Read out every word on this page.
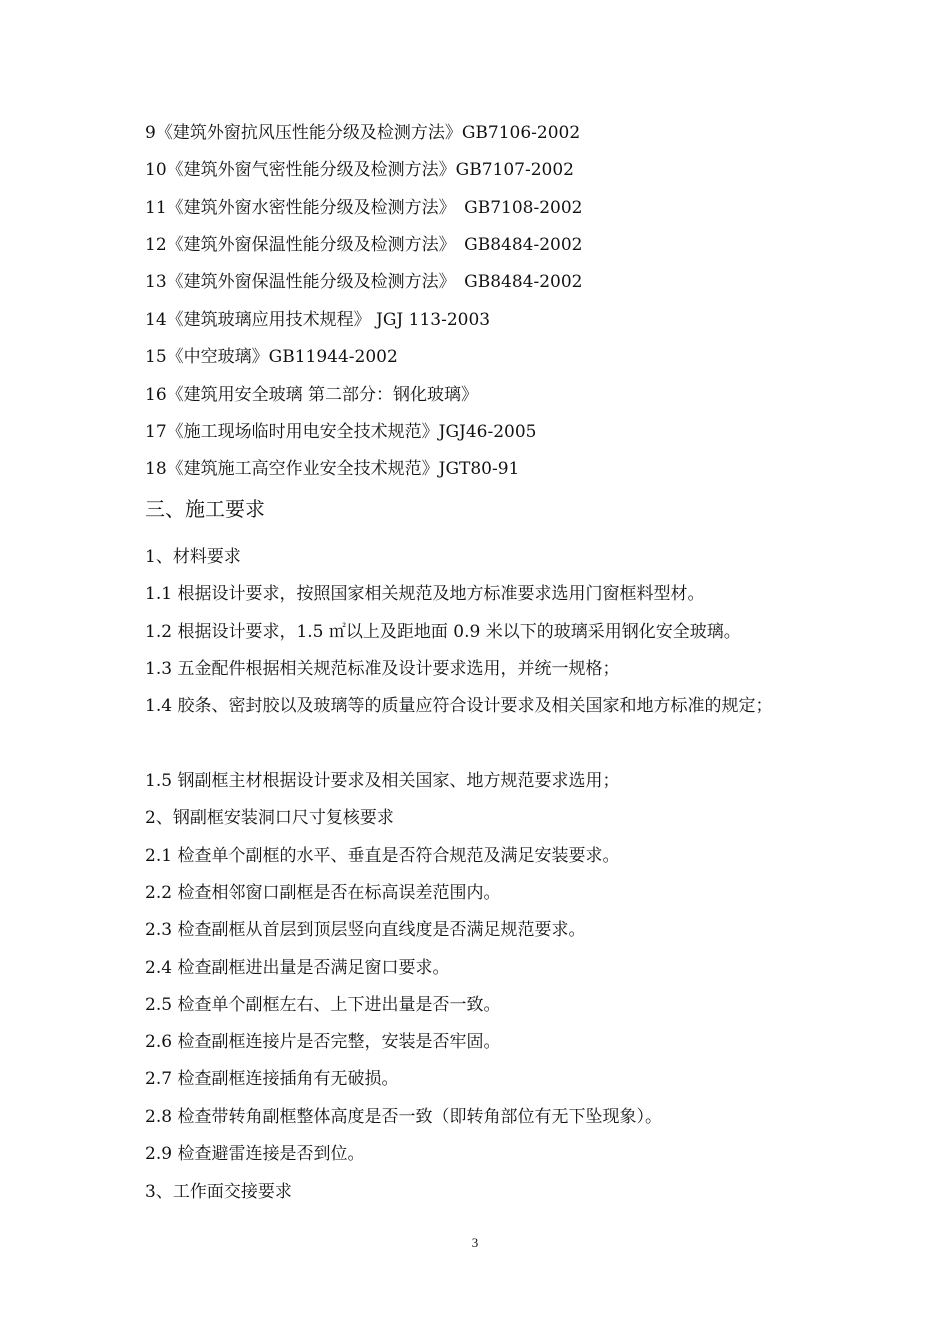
9《建筑外窗抗风压性能分级及检测方法》GB7106-2002
10《建筑外窗气密性能分级及检测方法》GB7107-2002
11《建筑外窗水密性能分级及检测方法》　GB7108-2002
12《建筑外窗保温性能分级及检测方法》　GB8484-2002
13《建筑外窗保温性能分级及检测方法》　GB8484-2002
14《建筑玻璃应用技术规程》 JGJ 113-2003
15《中空玻璃》GB11944-2002
16《建筑用安全玻璃 第二部分：钢化玻璃》
17《施工现场临时用电安全技术规范》JGJ46-2005
18《建筑施工高空作业安全技术规范》JGT80-91
三、施工要求
1、材料要求
1.1 根据设计要求，按照国家相关规范及地方标准要求选用门窗框料型材。
1.2 根据设计要求，1.5 ㎡以上及距地面 0.9 米以下的玻璃采用钢化安全玻璃。
1.3 五金配件根据相关规范标准及设计要求选用，并统一规格；
1.4 胶条、密封胶以及玻璃等的质量应符合设计要求及相关国家和地方标准的规定；
1.5 钢副框主材根据设计要求及相关国家、地方规范要求选用；
2、钢副框安装洞口尺寸复核要求
2.1 检查单个副框的水平、垂直是否符合规范及满足安装要求。
2.2 检查相邻窗口副框是否在标高误差范围内。
2.3 检查副框从首层到顶层竖向直线度是否满足规范要求。
2.4 检查副框进出量是否满足窗口要求。
2.5 检查单个副框左右、上下进出量是否一致。
2.6 检查副框连接片是否完整，安装是否牢固。
2.7 检查副框连接插角有无破损。
2.8 检查带转角副框整体高度是否一致（即转角部位有无下坠现象）。
2.9 检查避雷连接是否到位。
3、工作面交接要求
3
